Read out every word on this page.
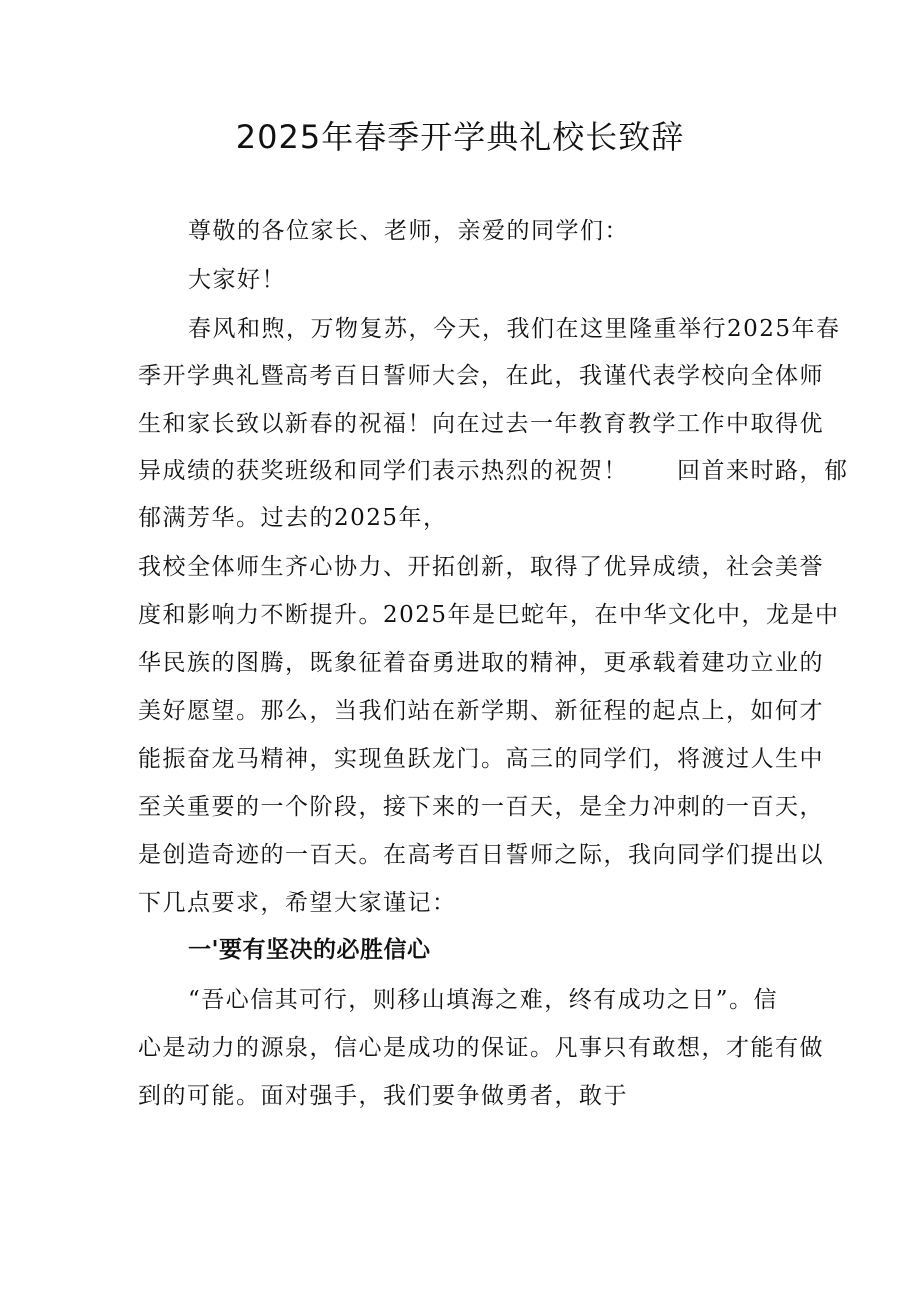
2025年春季开学典礼校长致辞
尊敬的各位家长、老师，亲爱的同学们：
大家好！
春风和煦，万物复苏，今天，我们在这里隆重举行2025年春
季开学典礼暨高考百日誓师大会，在此，我谨代表学校向全体师
生和家长致以新春的祝福！向在过去一年教育教学工作中取得优
异成绩的获奖班级和同学们表示热烈的祝贺！　　回首来时路，郁
郁满芳华。过去的2025年，
我校全体师生齐心协力、开拓创新，取得了优异成绩，社会美誉
度和影响力不断提升。2025年是巳蛇年，在中华文化中，龙是中
华民族的图腾，既象征着奋勇进取的精神，更承载着建功立业的
美好愿望。那么，当我们站在新学期、新征程的起点上，如何才
能振奋龙马精神，实现鱼跃龙门。高三的同学们，将渡过人生中
至关重要的一个阶段，接下来的一百天，是全力冲刺的一百天，
是创造奇迹的一百天。在高考百日誓师之际，我向同学们提出以
下几点要求，希望大家谨记：
一'要有坚决的必胜信心
“吾心信其可行，则移山填海之难，终有成功之日”。信
心是动力的源泉，信心是成功的保证。凡事只有敢想，才能有做
到的可能。面对强手，我们要争做勇者，敢于
